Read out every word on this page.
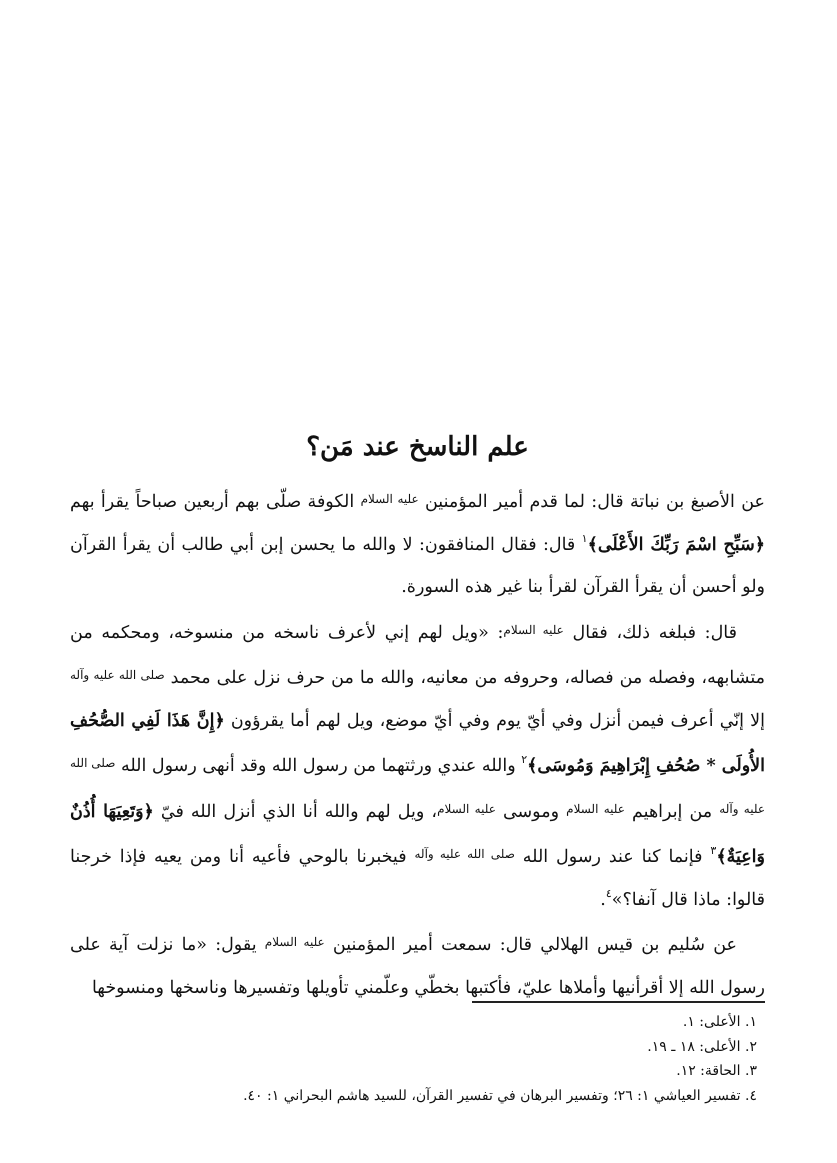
علم الناسخ عند مَن؟

عن الأصبغ بن نباتة قال: لما قدم أمير المؤمنين $^{عليه السلام}$ الكوفة صلّى بهم أربعين صباحاً يقرأ بهم ﴿سَبِّحِ اسْمَ رَبِّكَ الأَعْلَى﴾$^١$ قال: فقال المنافقون: لا والله ما يحسن إبن أبي طالب أن يقرأ القرآن ولو أحسن أن يقرأ القرآن لقرأ بنا غير هذه السورة.

قال: فبلغه ذلك، فقال $^{عليه السلام}$: «ويل لهم إني لأعرف ناسخه من منسوخه، ومحكمه من متشابهه، وفصله من فصاله، وحروفه من معانيه، والله ما من حرف نزل على محمد $^{صلى الله عليه وآله}$ إلا إنّي أعرف فيمن أنزل وفي أيّ يوم وفي أيّ موضع، ويل لهم أما يقرؤون ﴿إِنَّ هَذَا لَفِي الصُّحُفِ الأُولَى * صُحُفِ إِبْرَاهِيمَ وَمُوسَى﴾$^٢$ والله عندي ورثتهما من رسول الله وقد أنهى رسول الله $^{صلى الله عليه وآله}$ من إبراهيم $^{عليه السلام}$ وموسى $^{عليه السلام}$، ويل لهم والله أنا الذي أنزل الله فيّ ﴿وَتَعِيَهَا أُذُنٌ وَاعِيَةٌ﴾$^٣$ فإنما كنا عند رسول الله $^{صلى الله عليه وآله}$ فيخبرنا بالوحي فأعيه أنا ومن يعيه فإذا خرجنا قالوا: ماذا قال آنفا؟»$^٤$.

عن سُليم بن قيس الهلالي قال: سمعت أمير المؤمنين $^{عليه السلام}$ يقول: «ما نزلت آية على رسول الله إلا أقرأنيها وأملاها عليّ، فأكتبها بخطّي وعلّمني تأويلها وتفسيرها وناسخها ومنسوخها

١. الأعلى: ١.
٢. الأعلى: ١٨ ـ ١٩.
٣. الحاقة: ١٢.
٤. تفسير العياشي ١: ٢٦؛ وتفسير البرهان في تفسير القرآن، للسيد هاشم البحراني ١: ٤٠.
